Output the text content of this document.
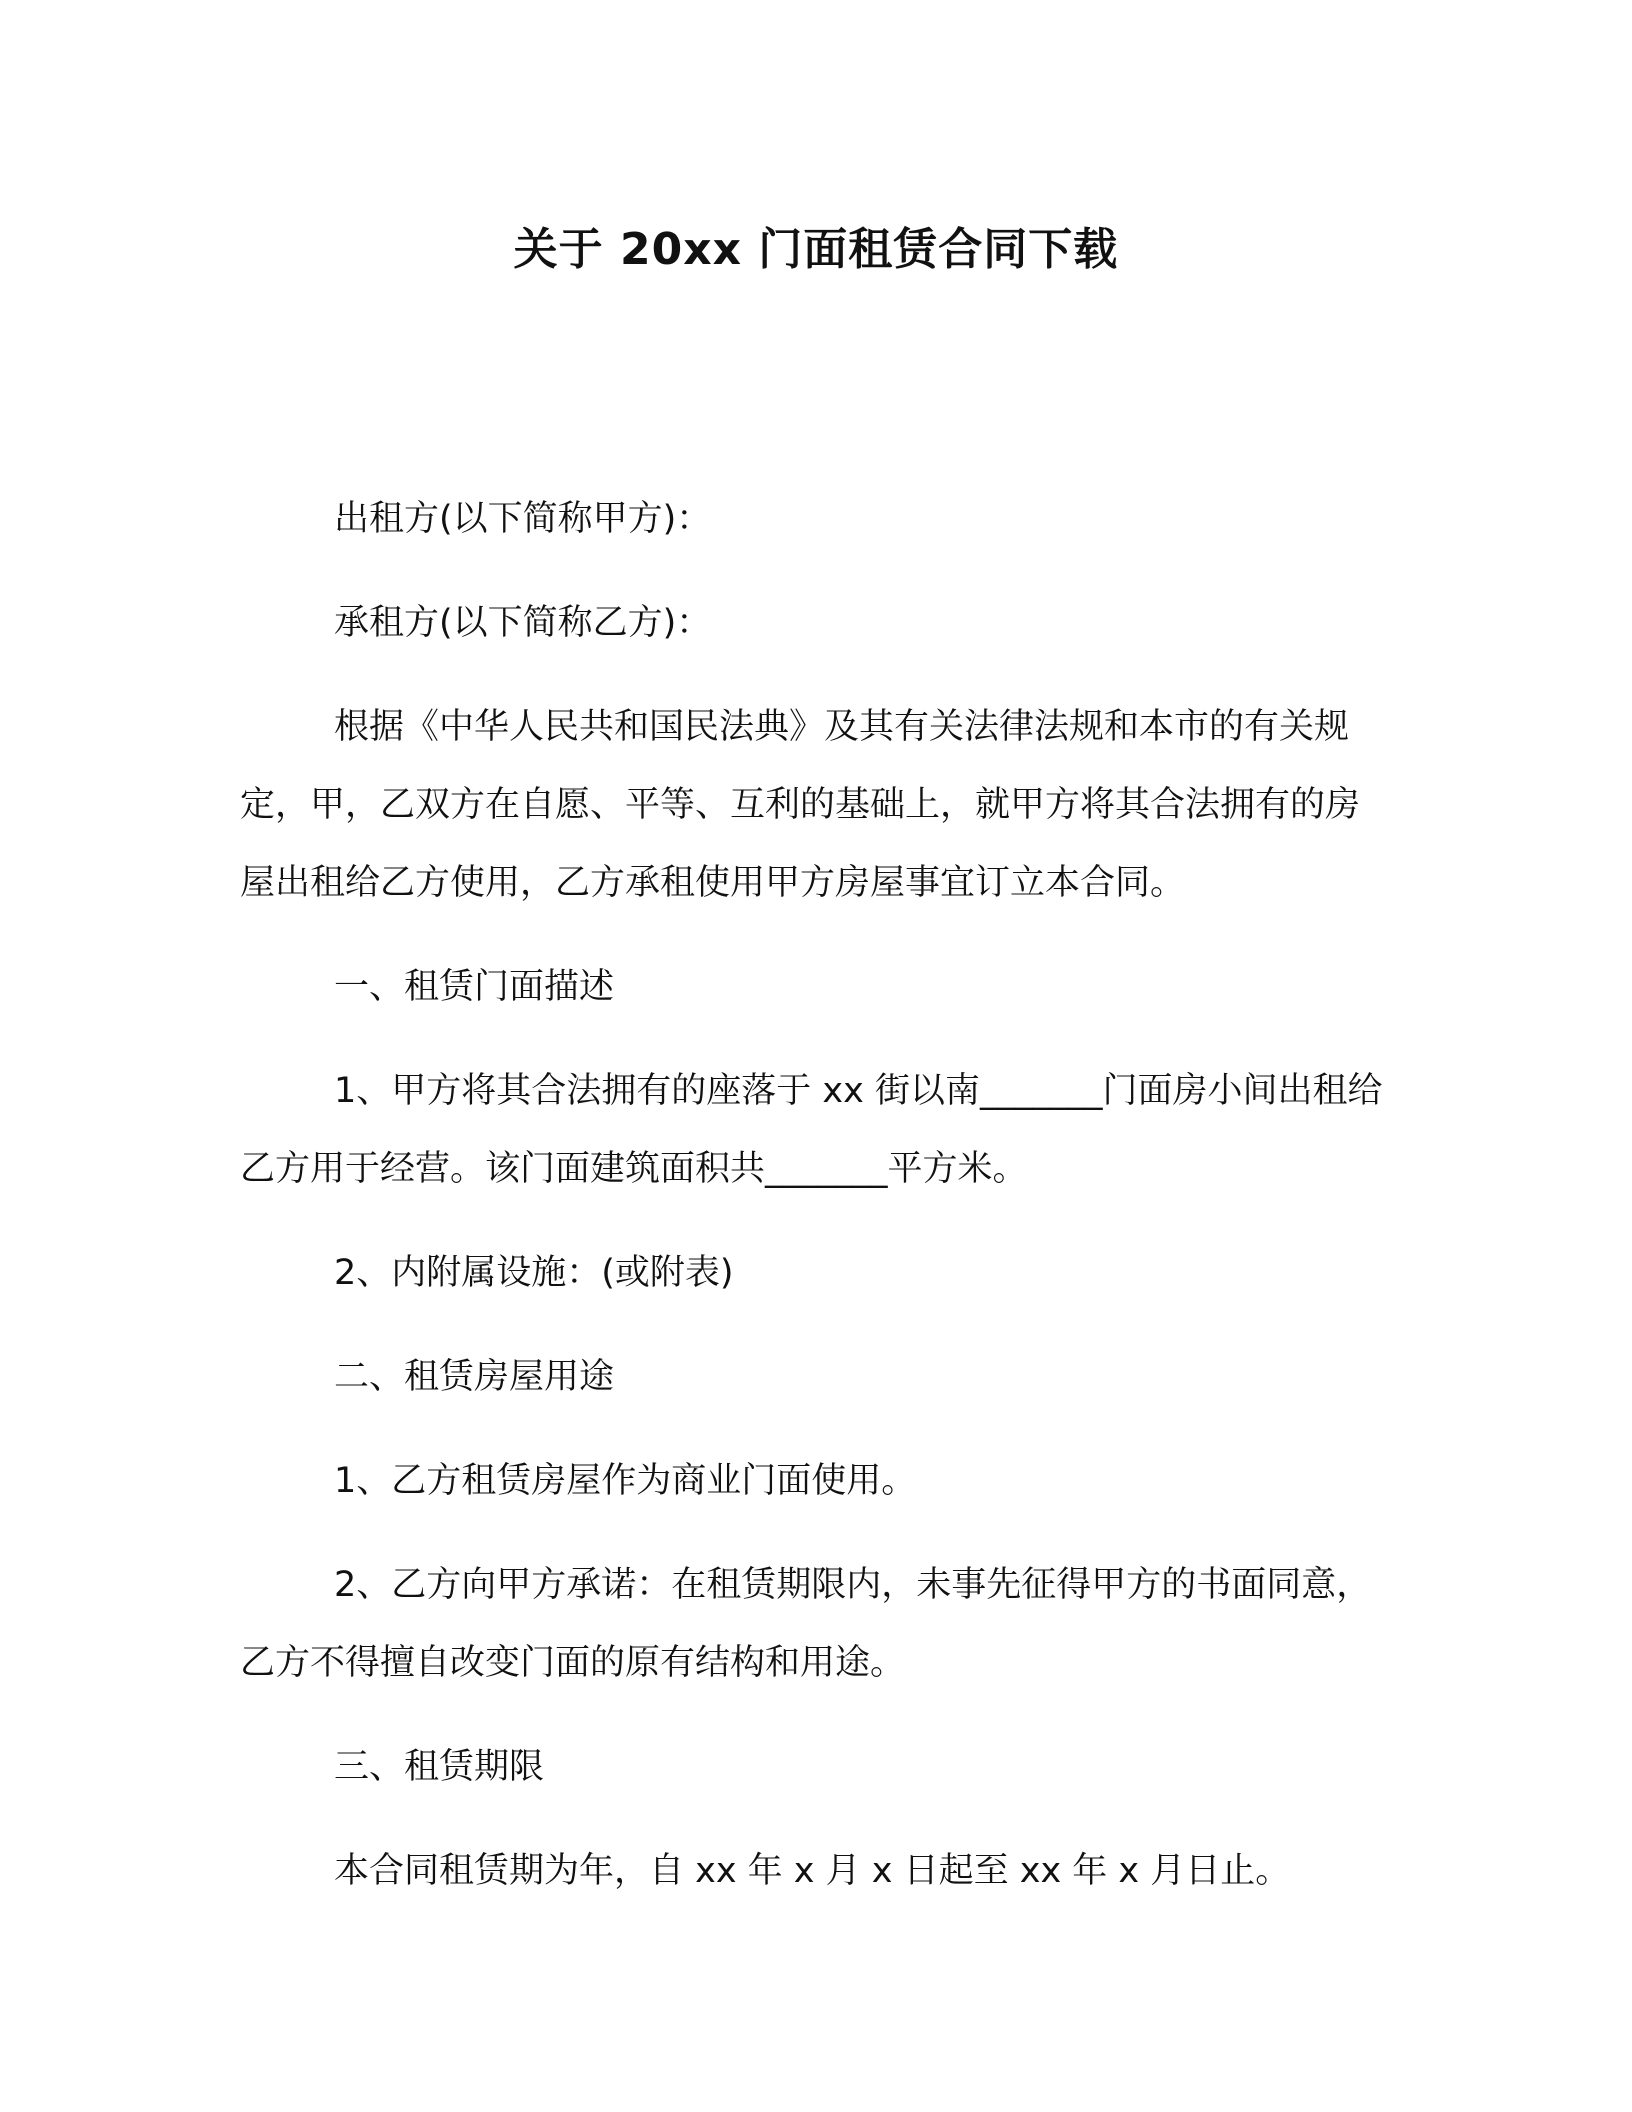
关于 20xx 门面租赁合同下载
出租方(以下简称甲方)：
承租方(以下简称乙方)：
根据《中华人民共和国民法典》及其有关法律法规和本市的有关规定，甲，乙双方在自愿、平等、互利的基础上，就甲方将其合法拥有的房屋出租给乙方使用，乙方承租使用甲方房屋事宜订立本合同。
一、租赁门面描述
1、甲方将其合法拥有的座落于 xx 街以南_______门面房小间出租给乙方用于经营。该门面建筑面积共_______平方米。
2、内附属设施：(或附表)
二、租赁房屋用途
1、乙方租赁房屋作为商业门面使用。
2、乙方向甲方承诺：在租赁期限内，未事先征得甲方的书面同意，乙方不得擅自改变门面的原有结构和用途。
三、租赁期限
本合同租赁期为年，自 xx 年 x 月 x 日起至 xx 年 x 月日止。
